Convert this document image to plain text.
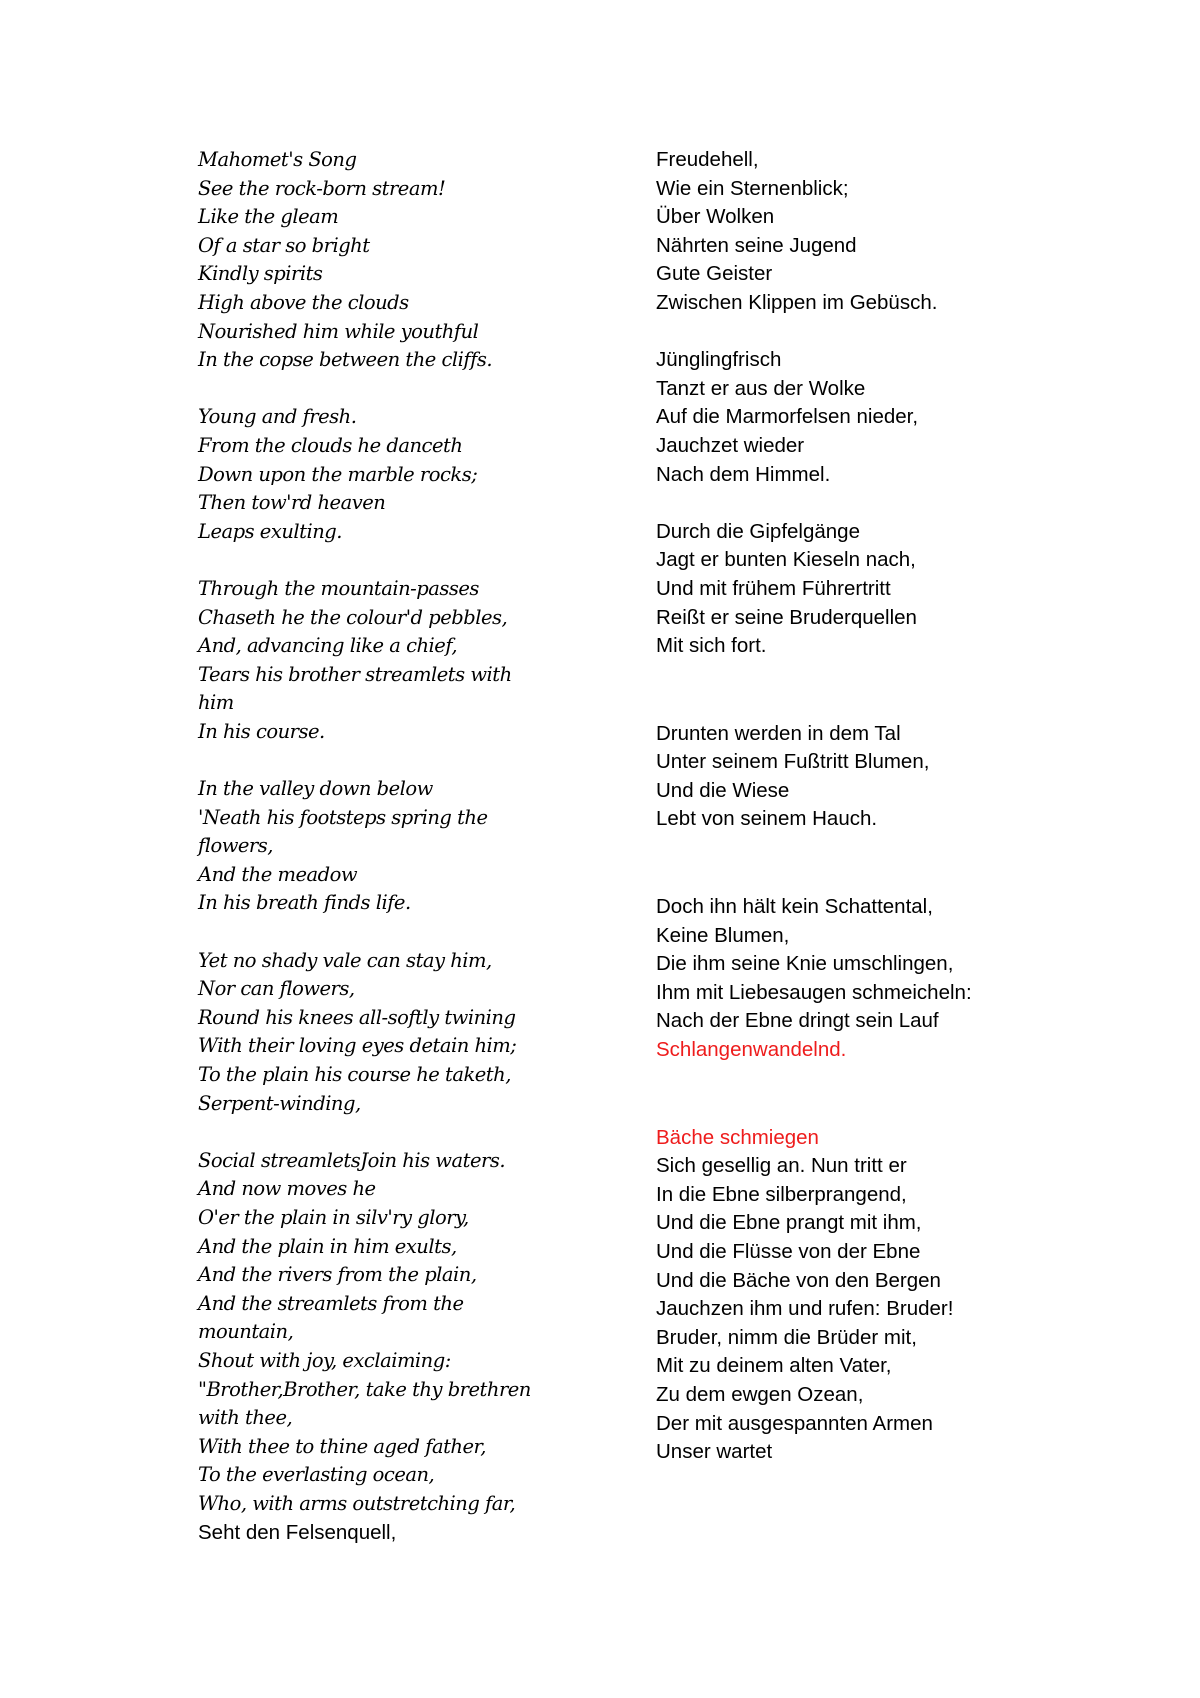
Mahomet's Song
See the rock-born stream!
Like the gleam
Of a star so bright
Kindly spirits
High above the clouds
Nourished him while youthful
In the copse between the cliffs.
Young and fresh.
From the clouds he danceth
Down upon the marble rocks;
Then tow'rd heaven
Leaps exulting.
Through the mountain-passes
Chaseth he the colour'd pebbles,
And, advancing like a chief,
Tears his brother streamlets with
him
In his course.
In the valley down below
'Neath his footsteps spring the
flowers,
And the meadow
In his breath finds life.
Yet no shady vale can stay him,
Nor can flowers,
Round his knees all-softly twining
With their loving eyes detain him;
To the plain his course he taketh,
Serpent-winding,
Social streamletsJoin his waters.
And now moves he
O'er the plain in silv'ry glory,
And the plain in him exults,
And the rivers from the plain,
And the streamlets from the
mountain,
Shout with joy, exclaiming:
"Brother,Brother, take thy brethren
with thee,
With thee to thine aged father,
To the everlasting ocean,
Who, with arms outstretching far,
Seht den Felsenquell,
Freudehell,
Wie ein Sternenblick;
Über Wolken
Nährten seine Jugend
Gute Geister
Zwischen Klippen im Gebüsch.
Jünglingfrisch
Tanzt er aus der Wolke
Auf die Marmorfelsen nieder,
Jauchzet wieder
Nach dem Himmel.
Durch die Gipfelgänge
Jagt er bunten Kieseln nach,
Und mit frühem Führertritt
Reißt er seine Bruderquellen
Mit sich fort.
Drunten werden in dem Tal
Unter seinem Fußtritt Blumen,
Und die Wiese
Lebt von seinem Hauch.
Doch ihn hält kein Schattental,
Keine Blumen,
Die ihm seine Knie umschlingen,
Ihm mit Liebesaugen schmeicheln:
Nach der Ebne dringt sein Lauf
Schlangenwandelnd.
Bäche schmiegen
Sich gesellig an. Nun tritt er
In die Ebne silberprangend,
Und die Ebne prangt mit ihm,
Und die Flüsse von der Ebne
Und die Bäche von den Bergen
Jauchzen ihm und rufen: Bruder!
Bruder, nimm die Brüder mit,
Mit zu deinem alten Vater,
Zu dem ewgen Ozean,
Der mit ausgespannten Armen
Unser wartet
